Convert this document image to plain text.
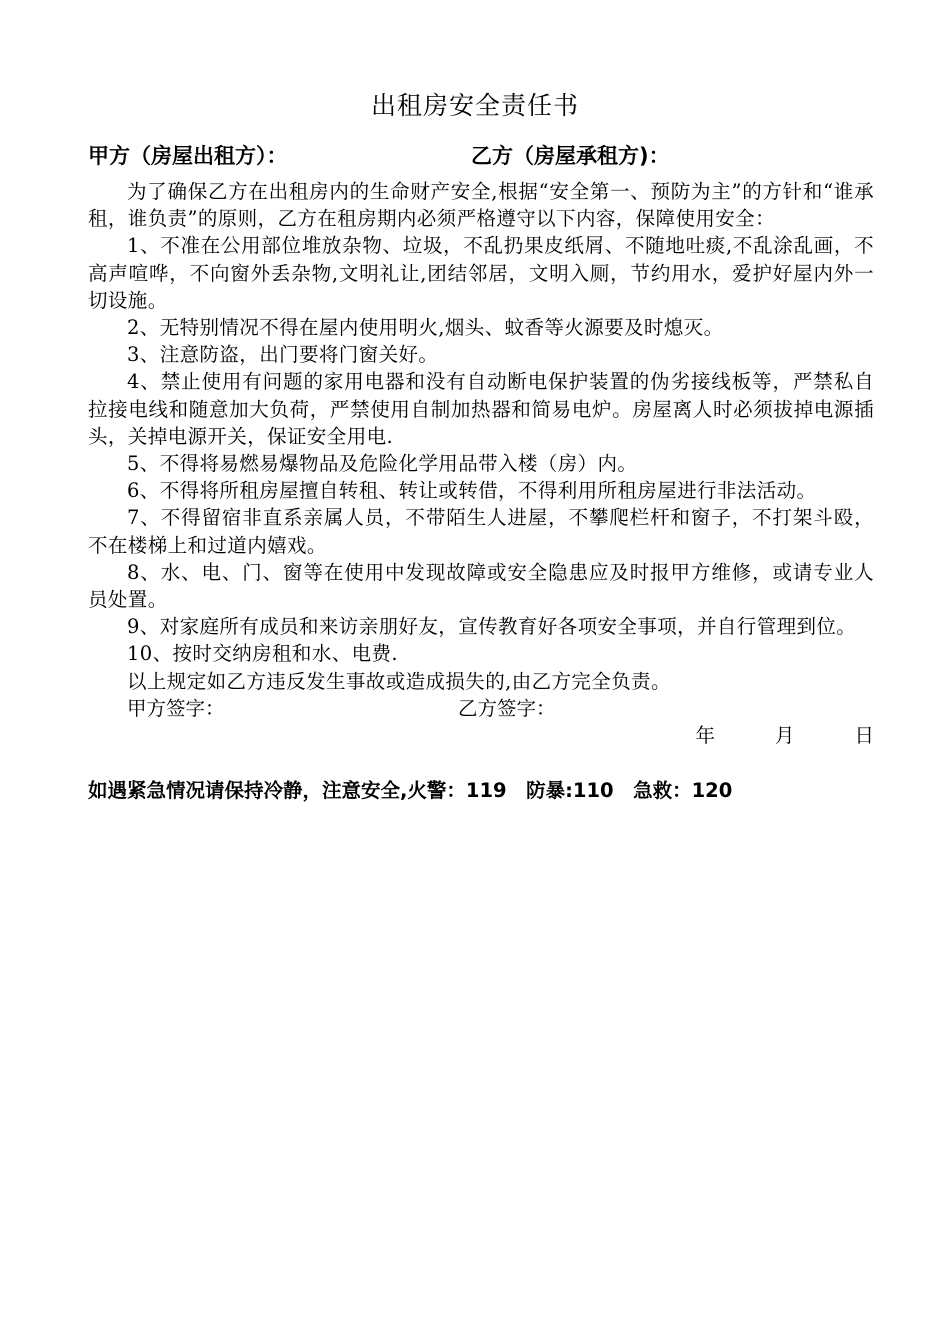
出租房安全责任书
甲方（房屋出租方）：	乙方（房屋承租方)：

为了确保乙方在出租房内的生命财产安全,根据“安全第一、预防为主”的方针和“谁承租，谁负责”的原则，乙方在租房期内必须严格遵守以下内容，保障使用安全：

1、不准在公用部位堆放杂物、垃圾，不乱扔果皮纸屑、不随地吐痰,不乱涂乱画，不高声喧哗，不向窗外丢杂物,文明礼让,团结邻居，文明入厕，节约用水，爱护好屋内外一切设施。

2、无特别情况不得在屋内使用明火,烟头、蚊香等火源要及时熄灭。

3、注意防盗，出门要将门窗关好。

4、禁止使用有问题的家用电器和没有自动断电保护装置的伪劣接线板等，严禁私自拉接电线和随意加大负荷，严禁使用自制加热器和简易电炉。房屋离人时必须拔掉电源插头，关掉电源开关，保证安全用电.

5、不得将易燃易爆物品及危险化学用品带入楼（房）内。

6、不得将所租房屋擅自转租、转让或转借，不得利用所租房屋进行非法活动。

7、不得留宿非直系亲属人员，不带陌生人进屋，不攀爬栏杆和窗子，不打架斗殴，不在楼梯上和过道内嬉戏。

8、水、电、门、窗等在使用中发现故障或安全隐患应及时报甲方维修，或请专业人员处置。

9、对家庭所有成员和来访亲朋好友，宣传教育好各项安全事项，并自行管理到位。

10、按时交纳房租和水、电费.

以上规定如乙方违反发生事故或造成损失的,由乙方完全负责。

甲方签字：	乙方签字：
年	月	日
如遇紧急情况请保持冷静，注意安全,火警：119　防暴:110　急救：120
